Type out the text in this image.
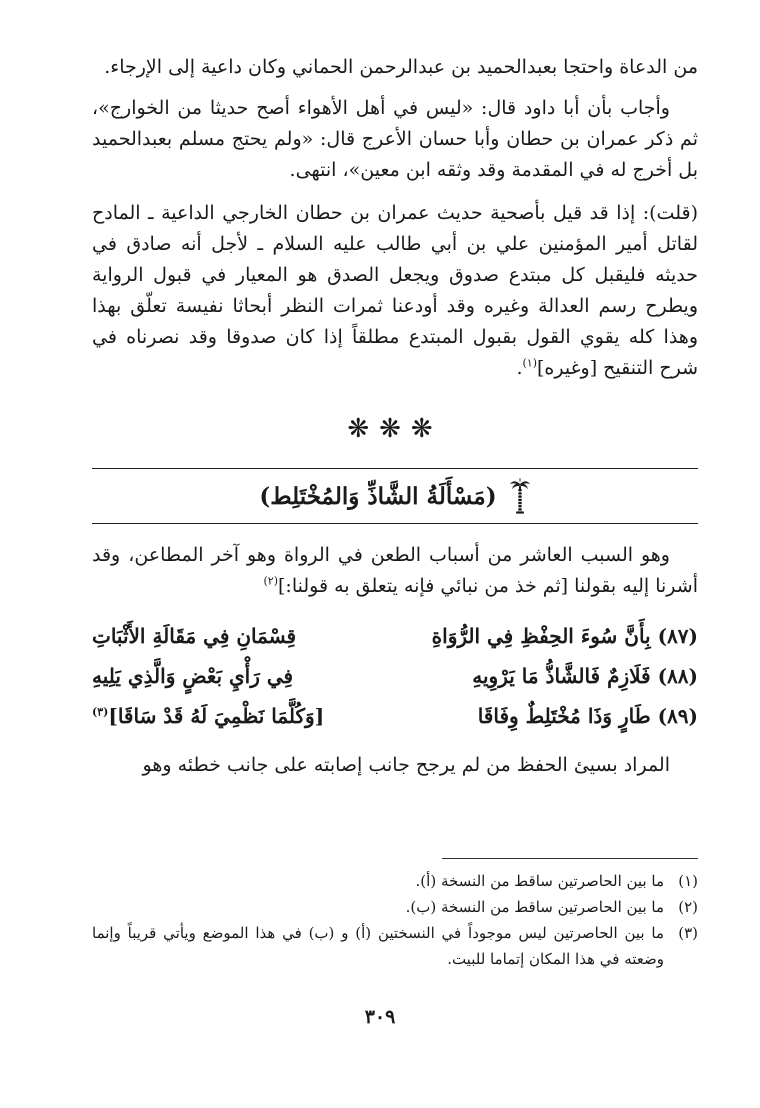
من الدعاة واحتجا بعبدالحميد بن عبدالرحمن الحماني وكان داعية إلى الإرجاء.

وأجاب بأن أبا داود قال: «ليس في أهل الأهواء أصح حديثا من الخوارج»، ثم ذكر عمران بن حطان وأبا حسان الأعرج قال: «ولم يحتج مسلم بعبدالحميد بل أخرج له في المقدمة وقد وثقه ابن معين»، انتهى.

(قلت): إذا قد قيل بأصحية حديث عمران بن حطان الخارجي الداعية ـ المادح لقاتل أمير المؤمنين علي بن أبي طالب عليه السلام ـ لأجل أنه صادق في حديثه فليقبل كل مبتدع صدوق ويجعل الصدق هو المعيار في قبول الرواية ويطرح رسم العدالة وغيره وقد أودعنا ثمرات النظر أبحاثا نفيسة تعلّق بهذا وهذا كله يقوي القول بقبول المبتدع مطلقاً إذا كان صدوقا وقد نصرناه في شرح التنقيح [وغيره]$^{(١)}$.

❋❋❋
(مَسْأَلَةُ الشَّاذِّ وَالمُخْتَلِط)

وهو السبب العاشر من أسباب الطعن في الرواة وهو آخر المطاعن، وقد أشرنا إليه بقولنا [ثم خذ من نبائي فإنه يتعلق به قولنا:]$^{(٢)}$

(٨٧) بِأَنَّ سُوءَ الحِفْظِ فِي الرُّوَاةِ
قِسْمَانِ فِي مَقَالَةِ الأَثْبَاتِ
(٨٨) فَلَازِمٌ فَالشَّاذُّ مَا يَرْوِيهِ
فِي رَأْيِ بَعْضٍ وَالَّذِي يَلِيهِ
(٨٩) طَارٍ وَذَا مُخْتَلِطٌ وِفَاقَا
[وَكُلَّمَا نَظْمِيَ لَهُ قَدْ سَاقَا]$^{(٣)}$

المراد بسيئ الحفظ من لم يرجح جانب إصابته على جانب خطئه وهو

(١)
ما بين الحاصرتين ساقط من النسخة (أ).
(٢)
ما بين الحاصرتين ساقط من النسخة (ب).
(٣)
ما بين الحاصرتين ليس موجوداً في النسختين (أ) و (ب) في هذا الموضع ويأتي قريباً وإنما وضعته في هذا المكان إتماما للبيت.
٣٠٩
